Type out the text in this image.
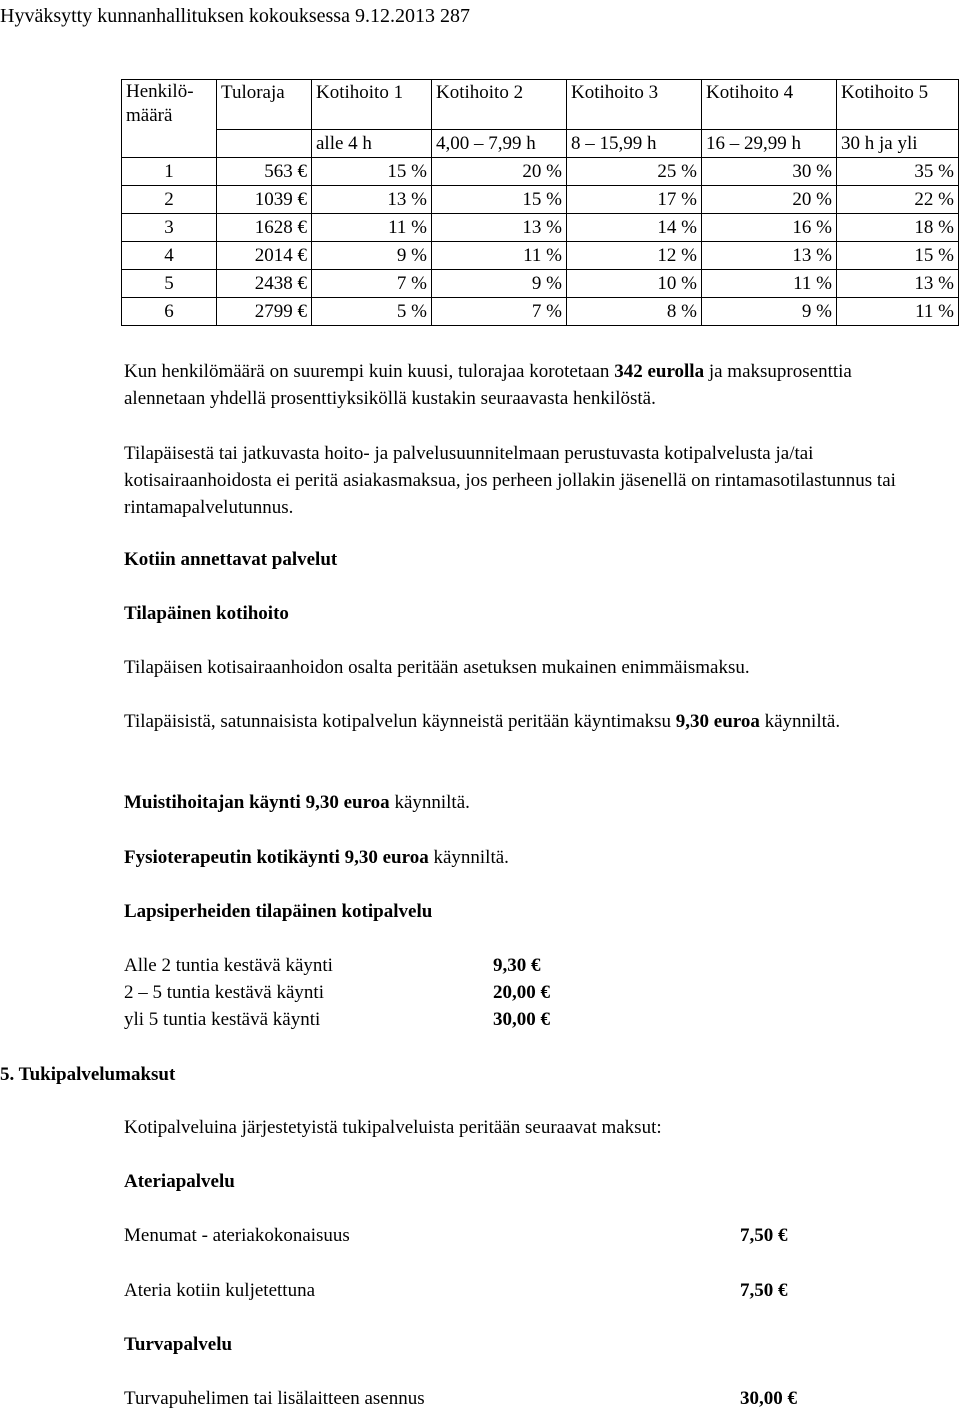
Hyväksytty kunnanhallituksen kokouksessa 9.12.2013 287
Henkilö-määrä	Tuloraja	Kotihoito 1	Kotihoito 2	Kotihoito 3	Kotihoito 4	Kotihoito 5
		alle 4 h	4,00 – 7,99 h	8 – 15,99 h	16 – 29,99 h	30 h ja yli
1	563 €	15 %	20 %	25 %	30 %	35 %
2	1039 €	13 %	15 %	17 %	20 %	22 %
3	1628 €	11 %	13 %	14 %	16 %	18 %
4	2014 €	9 %	11 %	12 %	13 %	15 %
5	2438 €	7 %	9 %	10 %	11 %	13 %
6	2799 €	5 %	7 %	8 %	9 %	11 %
Kun henkilömäärä on suurempi kuin kuusi, tulorajaa korotetaan 342 eurolla ja maksuprosenttia alennetaan yhdellä prosenttiyksiköllä kustakin seuraavasta henkilöstä.
Tilapäisestä tai jatkuvasta hoito- ja palvelusuunnitelmaan perustuvasta kotipalvelusta ja/tai kotisairaanhoidosta ei peritä asiakasmaksua, jos perheen jollakin jäsenellä on rintamasotilastunnus tai rintamapalvelutunnus.
Kotiin annettavat palvelut
Tilapäinen kotihoito
Tilapäisen kotisairaanhoidon osalta peritään asetuksen mukainen enimmäismaksu.
Tilapäisistä, satunnaisista kotipalvelun käynneistä peritään käyntimaksu 9,30 euroa käynniltä.
Muistihoitajan käynti 9,30 euroa käynniltä.
Fysioterapeutin kotikäynti 9,30 euroa käynniltä.
Lapsiperheiden tilapäinen kotipalvelu
Alle 2 tuntia kestävä käynti	9,30 €
2 – 5 tuntia kestävä käynti	20,00 €
yli 5 tuntia kestävä käynti	30,00 €
5. Tukipalvelumaksut
Kotipalveluina järjestetyistä tukipalveluista peritään seuraavat maksut:
Ateriapalvelu
Menumat - ateriakokonaisuus	7,50 €
Ateria kotiin kuljetettuna	7,50 €
Turvapalvelu
Turvapuhelimen tai lisälaitteen asennus	30,00 €
